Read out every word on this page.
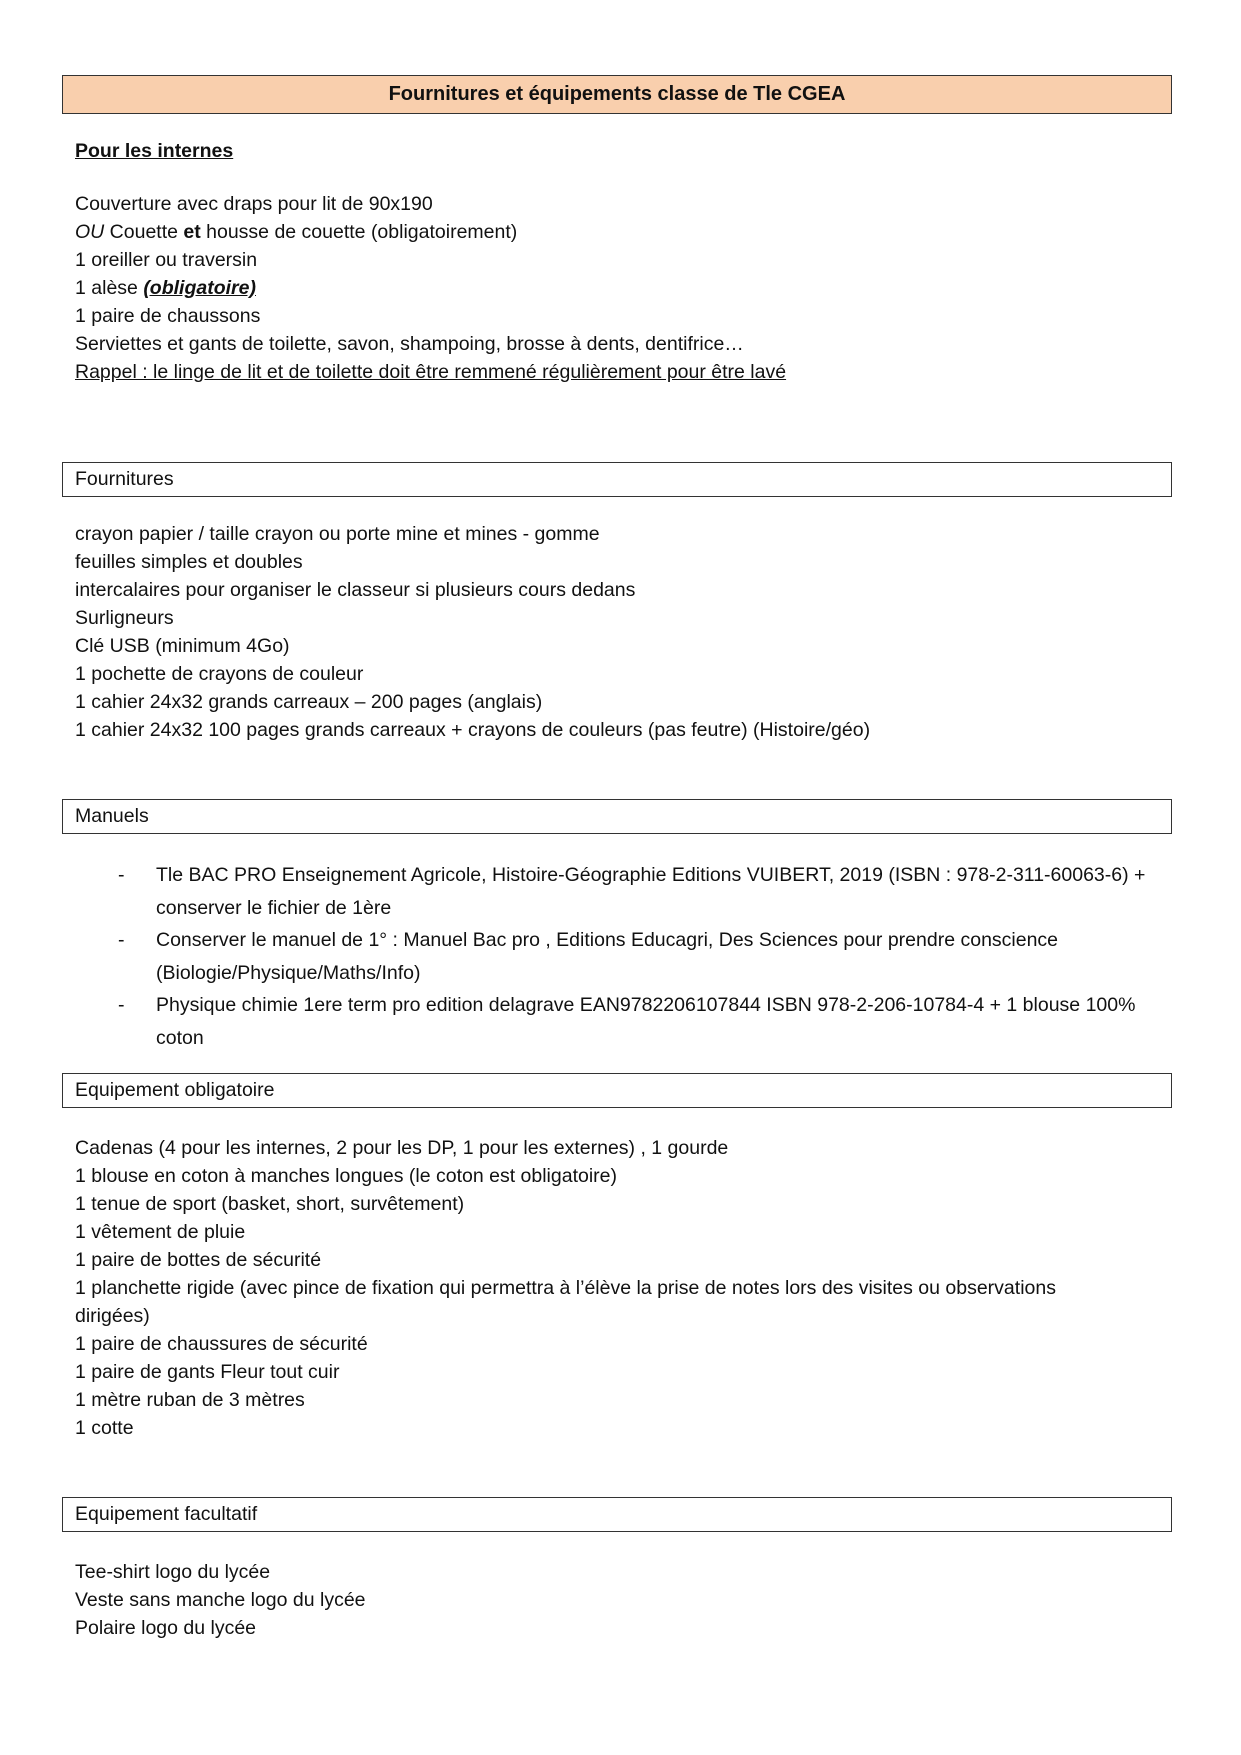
Fournitures et équipements classe de Tle CGEA
Pour les internes
Couverture avec draps pour lit de 90x190
OU Couette et housse de couette (obligatoirement)
1 oreiller ou traversin
1 alèse (obligatoire)
1 paire de chaussons
Serviettes et gants de toilette, savon, shampoing, brosse à dents, dentifrice…
Rappel : le linge de lit et de toilette doit être remmené régulièrement pour être lavé
Fournitures
crayon papier / taille crayon ou porte mine et mines - gomme
feuilles simples et doubles
intercalaires pour organiser le classeur si plusieurs cours dedans
Surligneurs
Clé USB (minimum 4Go)
1 pochette de crayons de couleur
1 cahier 24x32 grands carreaux – 200 pages (anglais)
1 cahier 24x32 100 pages grands carreaux + crayons de couleurs (pas feutre) (Histoire/géo)
Manuels
-	Tle BAC PRO Enseignement Agricole, Histoire-Géographie Editions VUIBERT, 2019 (ISBN : 978-2-311-60063-6) + conserver le fichier de 1ère
-	Conserver le manuel de 1° : Manuel Bac pro , Editions Educagri, Des Sciences pour prendre conscience (Biologie/Physique/Maths/Info)
-	Physique chimie 1ere term pro edition delagrave EAN9782206107844 ISBN 978-2-206-10784-4 + 1 blouse 100% coton
Equipement obligatoire
Cadenas (4 pour les internes, 2 pour les DP, 1 pour les externes) , 1 gourde
1 blouse en coton à manches longues (le coton est obligatoire)
1 tenue de sport (basket, short, survêtement)
1 vêtement de pluie
1 paire de bottes de sécurité
1 planchette rigide (avec pince de fixation qui permettra à l’élève la prise de notes lors des visites ou observations
dirigées)
1 paire de chaussures de sécurité
1 paire de gants Fleur tout cuir
1 mètre ruban de 3 mètres
1 cotte
Equipement facultatif
Tee-shirt logo du lycée
Veste sans manche logo du lycée
Polaire logo du lycée
